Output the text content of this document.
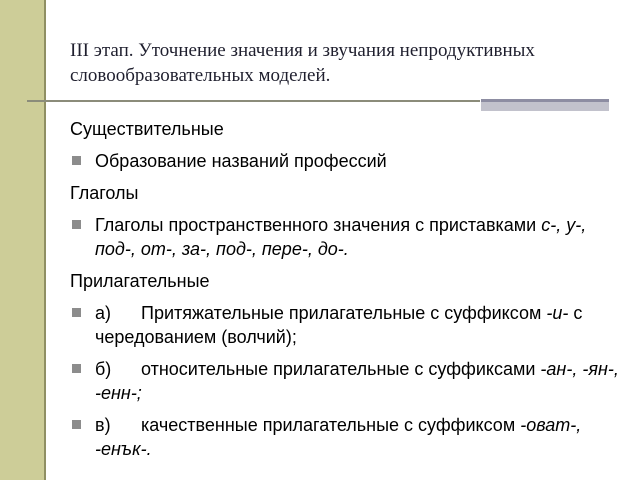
III этап. Уточнение значения и звучания непродуктивных словообразовательных моделей.
Существительные
Образование названий профессий
Глаголы
Глаголы пространственного значения с приставками с-, у-, под-, от-, за-, под-, пере-, до-.
Прилагательные
а) Притяжательные прилагательные с суффиксом -и- с чередованием (волчий);
б) относительные прилагательные с суффиксами -ан-, -ян-, -енн-;
в) качественные прилагательные с суффиксом -оват-, -енък-.
